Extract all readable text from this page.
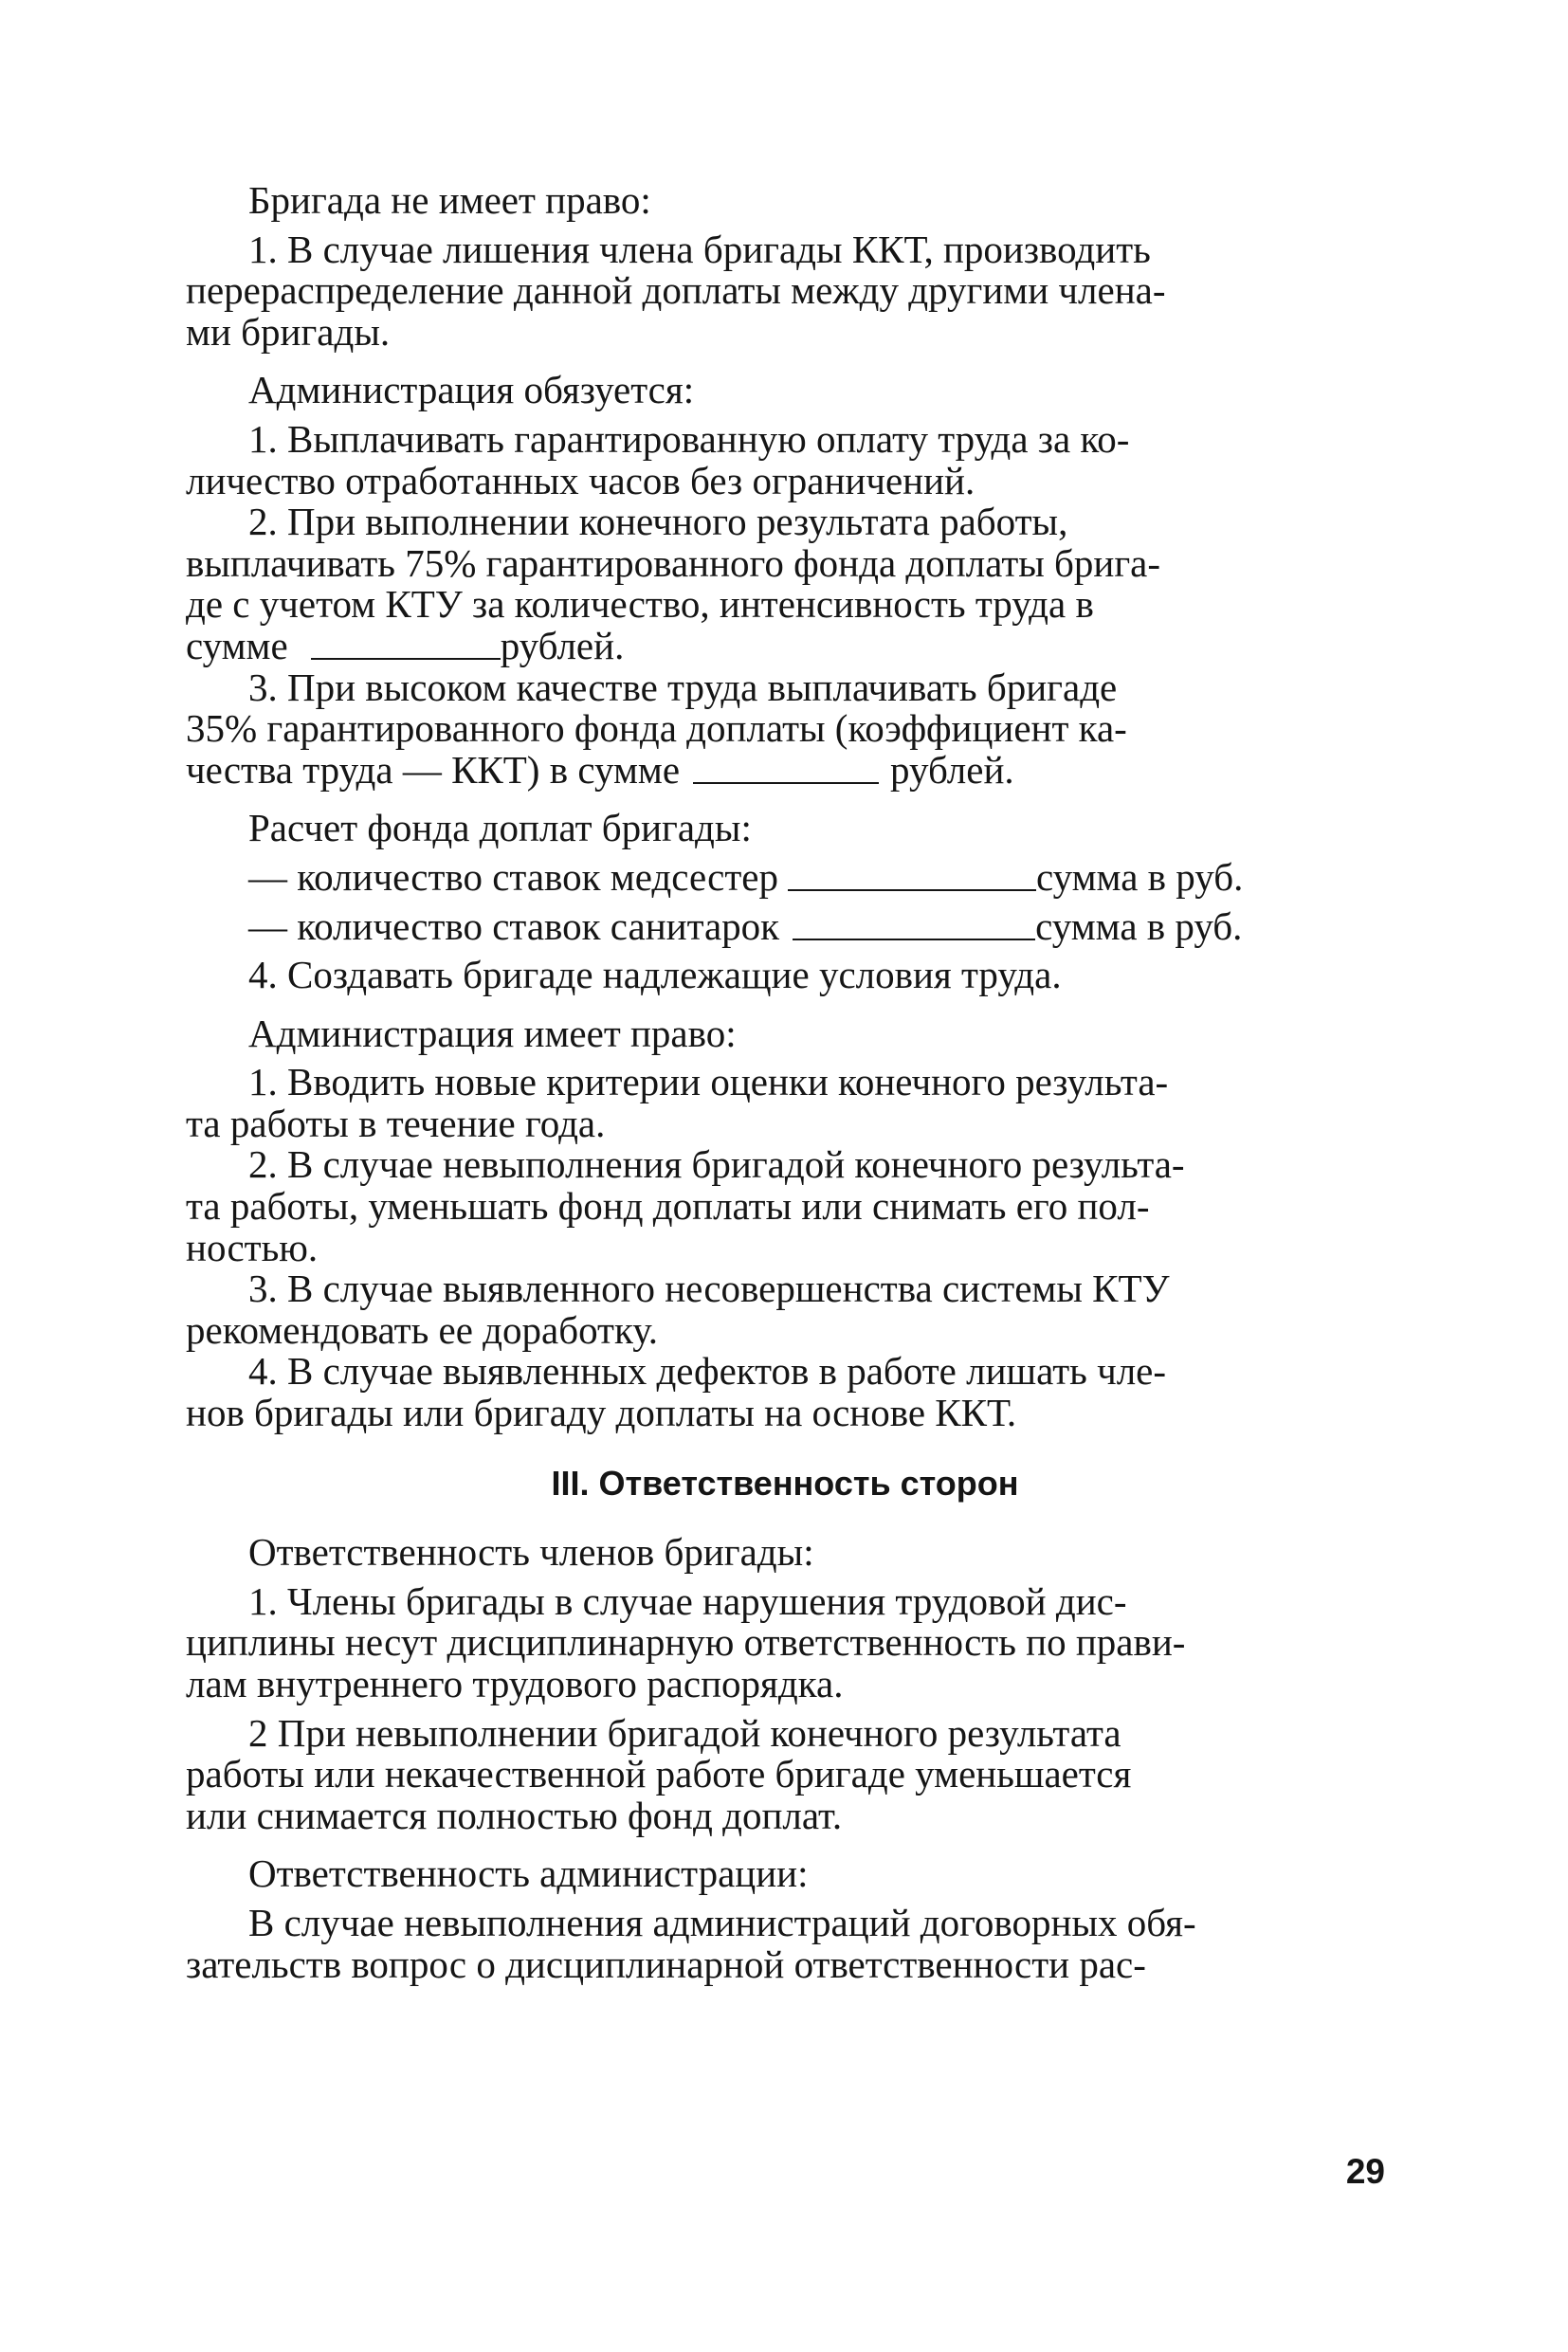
Бригада не имеет право:
1. В случае лишения члена бригады ККТ, производить
перераспределение данной доплаты между другими члена-
ми бригады.
Администрация обязуется:
1. Выплачивать гарантированную оплату труда за ко-
личество отработанных часов без ограничений.
2. При выполнении конечного результата работы,
выплачивать 75% гарантированного фонда доплаты брига-
де с учетом КТУ за количество, интенсивность труда в
сумме	рублей.
3. При высоком качестве труда выплачивать бригаде
35% гарантированного фонда доплаты (коэффициент ка-
чества труда — ККТ) в сумме	рублей.
Расчет фонда доплат бригады:
— количество ставок медсестер	сумма в руб.
— количество ставок санитарок	сумма в руб.
4. Создавать бригаде надлежащие условия труда.
Администрация имеет право:
1. Вводить новые критерии оценки конечного результа-
та работы в течение года.
2. В случае невыполнения бригадой конечного результа-
та работы, уменьшать фонд доплаты или снимать его пол-
ностью.
3. В случае выявленного несовершенства системы КТУ
рекомендовать ее доработку.
4. В случае выявленных дефектов в работе лишать чле-
нов бригады или бригаду доплаты на основе ККТ.
III. Ответственность сторон
Ответственность членов бригады:
1. Члены бригады в случае нарушения трудовой дис-
циплины несут дисциплинарную ответственность по прави-
лам внутреннего трудового распорядка.
2 При невыполнении бригадой конечного результата
работы или некачественной работе бригаде уменьшается
или снимается полностью фонд доплат.
Ответственность администрации:
В случае невыполнения администраций договорных обя-
зательств вопрос о дисциплинарной ответственности рас-
29
